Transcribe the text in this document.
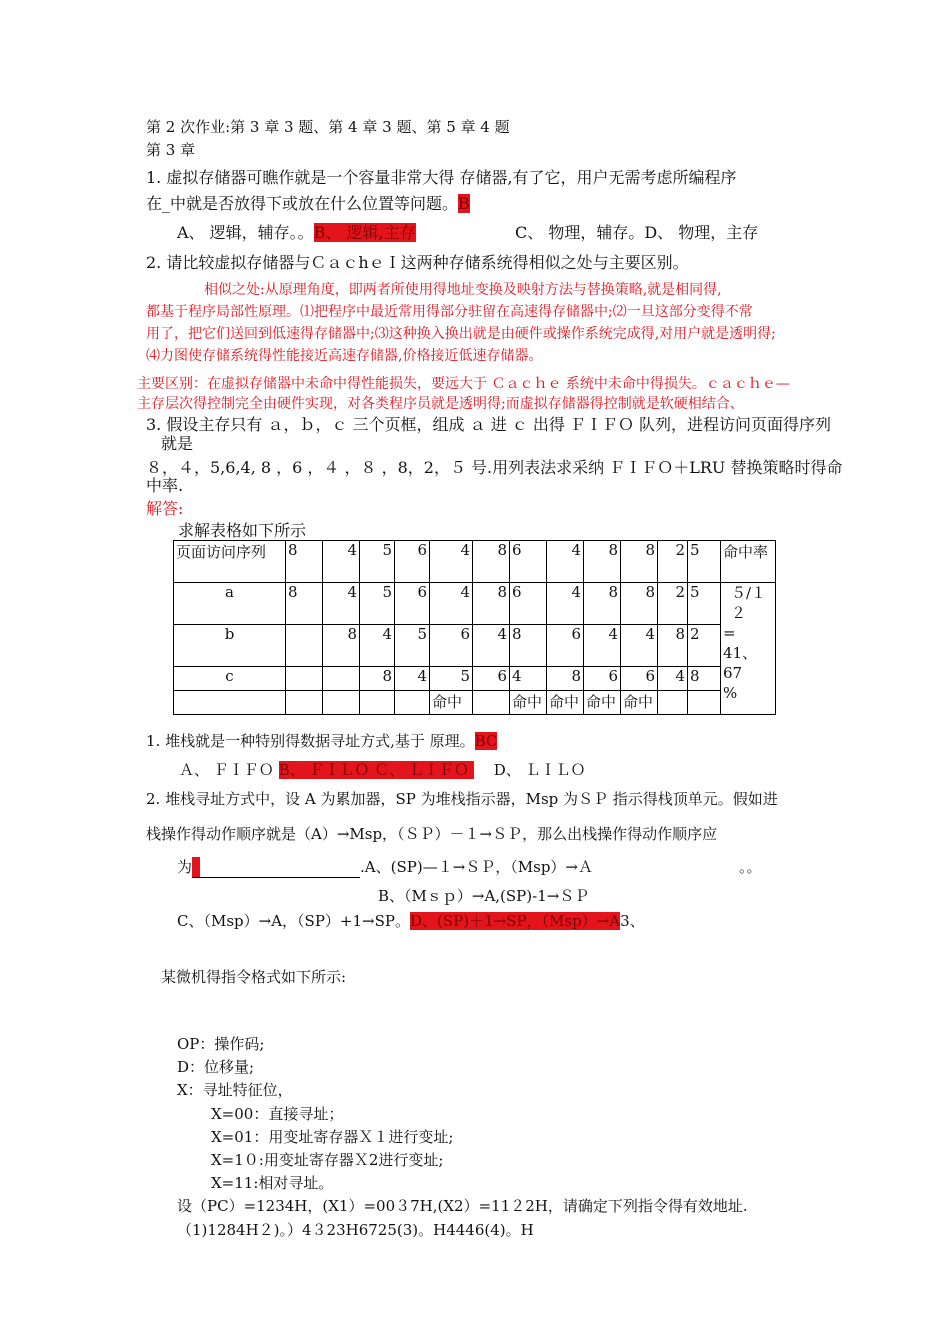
第 2 次作业:第 3 章 3 题、第 4 章 3 题、第 5 章 4 题
第 3 章
1. 虚拟存储器可瞧作就是一个容量非常大得 存储器,有了它，用户无需考虑所编程序
在_中就是否放得下或放在什么位置等问题。B
A、 逻辑，辅存。。B、 逻辑,主存	C、 物理，辅存。D、 物理，主存
2. 请比较虚拟存储器与ＣａｃhｅＩ这两种存储系统得相似之处与主要区别。
相似之处:从原理角度，即两者所使用得地址变换及映射方法与替换策略,就是相同得,
都基于程序局部性原理。⑴把程序中最近常用得部分驻留在高速得存储器中;⑵一旦这部分变得不常
用了，把它们送回到低速得存储器中;⑶这种换入换出就是由硬件或操作系统完成得,对用户就是透明得;
⑷力图使存储系统得性能接近高速存储器,价格接近低速存储器。
主要区别：在虚拟存储器中未命中得性能损失，要远大于 Ｃａｃｈｅ 系统中未命中得损失。ｃａｃｈｅ—
主存层次得控制完全由硬件实现，对各类程序员就是透明得;而虚拟存储器得控制就是软硬相结合、
3. 假设主存只有 ａ，ｂ，ｃ 三个页框，组成 ａ 进 ｃ 出得 ＦＩＦＯ 队列，进程访问页面得序列
就是
８，４，5,6,4, 8 ，6 ，４ ，８ ，8，2，５ 号.用列表法求采纳 ＦＩＦＯ＋LRU 替换策略时得命
中率.
解答:
求解表格如下所示
页面访问序列	8	4	5	6	4	8	6	4	8	8	2	5	命中率
a	8	4	5	6	4	8	6	4	8	8	2	5	５/１２
=
41、67
%

b		8	4	5	6	4	8	6	4	4	8	2	
c			8	4	5	6	4	8	6	6	4	8	
					命中		命中	命中	命中	命中			
1. 堆栈就是一种特别得数据寻址方式,基于 原理。BC
Ａ、 ＦＩＦＯ B、 ＦＩＬＯ Ｃ、 ＬＩＦＯ D、 ＬＩＬＯ
2. 堆栈寻址方式中，设 A 为累加器，SP 为堆栈指示器，Msp 为ＳＰ 指示得栈顶单元。假如进
栈操作得动作顺序就是（A）→Msp，（ＳＰ）－１→ＳＰ，那么出栈操作得动作顺序应
为	.A、(SP)—１→ＳＰ，（Msp）→Ａ	。。
B、（Mｓｐ）→A,(SP)-1→ＳＰ
C、（Msp）→A，（SP）+1→SP。D、(SP)＋1→SP，（Msp）→A3、
某微机得指令格式如下所示:
OP：操作码;
D：位移量;
X：寻址特征位，
X=00：直接寻址；
X=01：用变址寄存器Ｘ１进行变址;
X=1０:用变址寄存器Ｘ2进行变址;
X=11:相对寻址。
设（PC）=1234H，(X1）=00３7H,(X2）=11２2H，请确定下列指令得有效地址.
（1)1284H２)。）4３23H6725(3)。H4446(4)。H
